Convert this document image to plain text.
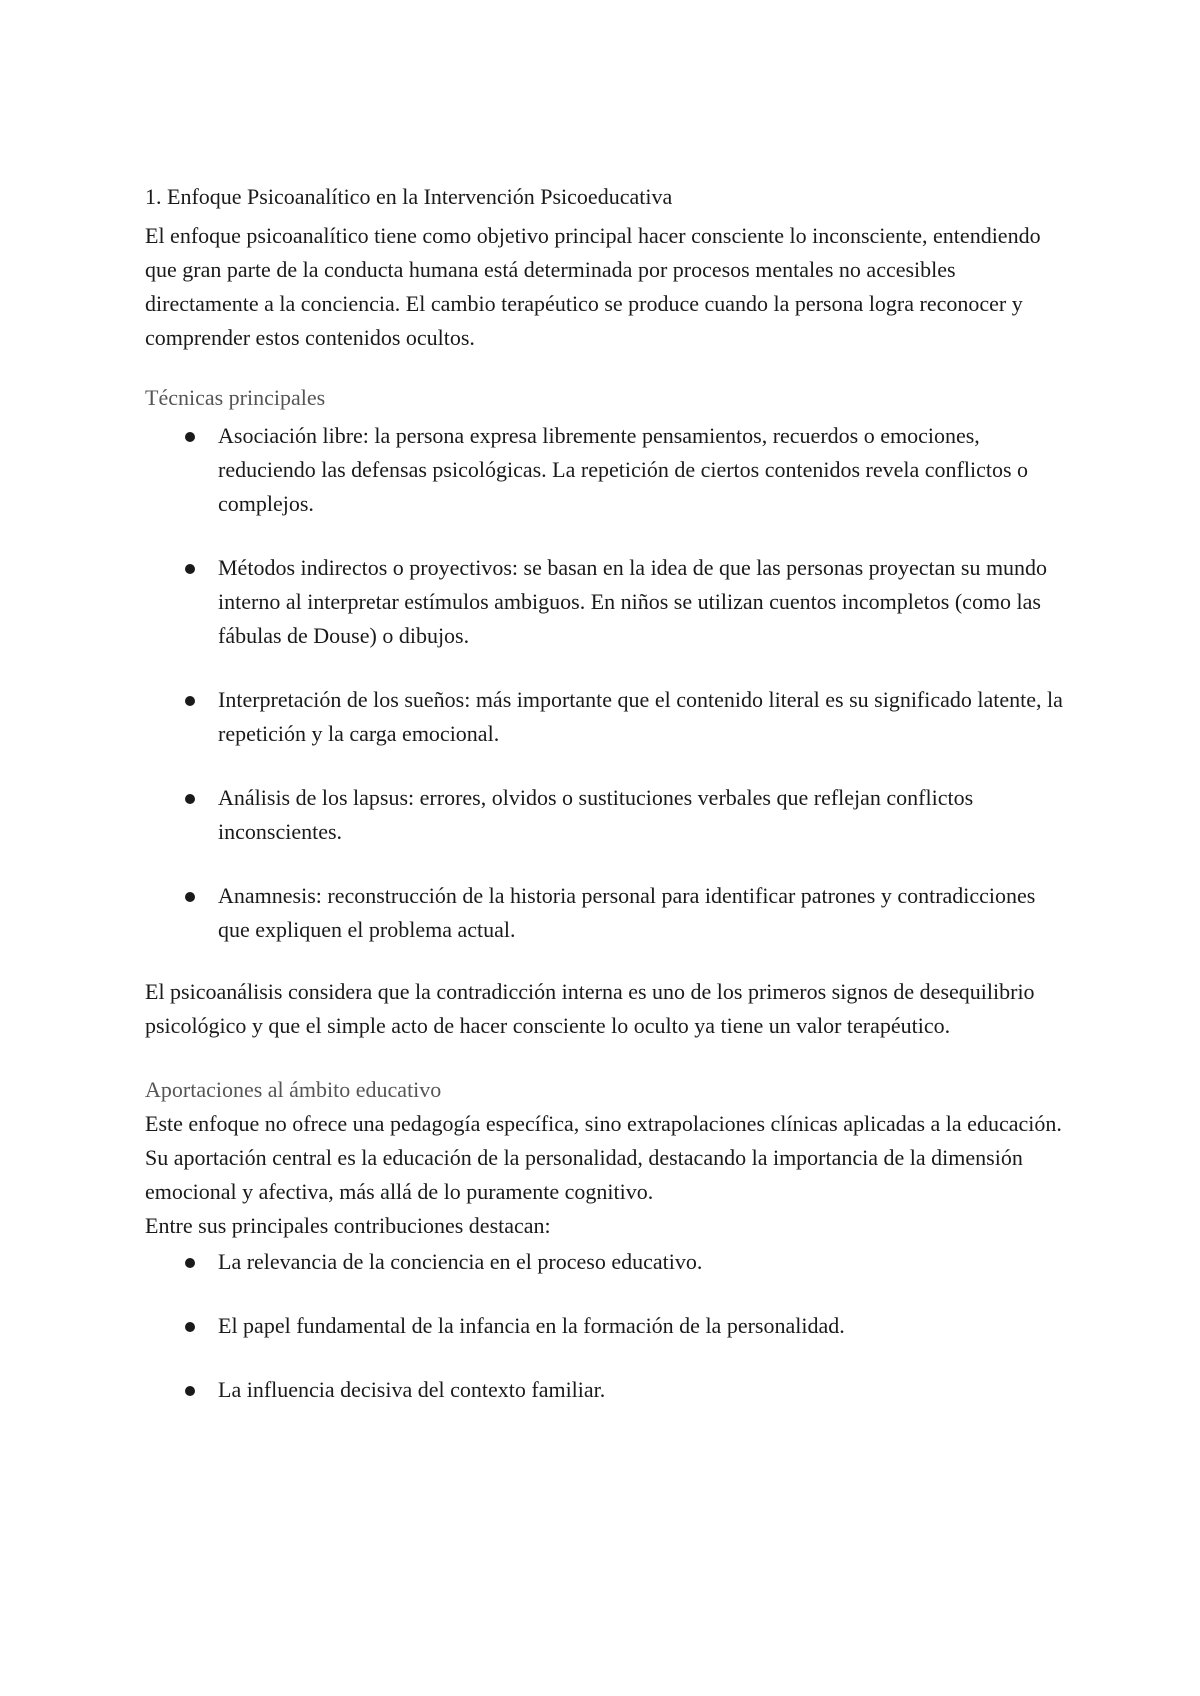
1. Enfoque Psicoanalítico en la Intervención Psicoeducativa

El enfoque psicoanalítico tiene como objetivo principal hacer consciente lo inconsciente, entendiendo que gran parte de la conducta humana está determinada por procesos mentales no accesibles directamente a la conciencia. El cambio terapéutico se produce cuando la persona logra reconocer y comprender estos contenidos ocultos.

Técnicas principales
Asociación libre: la persona expresa libremente pensamientos, recuerdos o emociones, reduciendo las defensas psicológicas. La repetición de ciertos contenidos revela conflictos o complejos.
Métodos indirectos o proyectivos: se basan en la idea de que las personas proyectan su mundo interno al interpretar estímulos ambiguos. En niños se utilizan cuentos incompletos (como las fábulas de Douse) o dibujos.
Interpretación de los sueños: más importante que el contenido literal es su significado latente, la repetición y la carga emocional.
Análisis de los lapsus: errores, olvidos o sustituciones verbales que reflejan conflictos inconscientes.
Anamnesis: reconstrucción de la historia personal para identificar patrones y contradicciones que expliquen el problema actual.

El psicoanálisis considera que la contradicción interna es uno de los primeros signos de desequilibrio psicológico y que el simple acto de hacer consciente lo oculto ya tiene un valor terapéutico.

Aportaciones al ámbito educativo

Este enfoque no ofrece una pedagogía específica, sino extrapolaciones clínicas aplicadas a la educación. Su aportación central es la educación de la personalidad, destacando la importancia de la dimensión emocional y afectiva, más allá de lo puramente cognitivo.

Entre sus principales contribuciones destacan:

La relevancia de la conciencia en el proceso educativo.
El papel fundamental de la infancia en la formación de la personalidad.
La influencia decisiva del contexto familiar.
